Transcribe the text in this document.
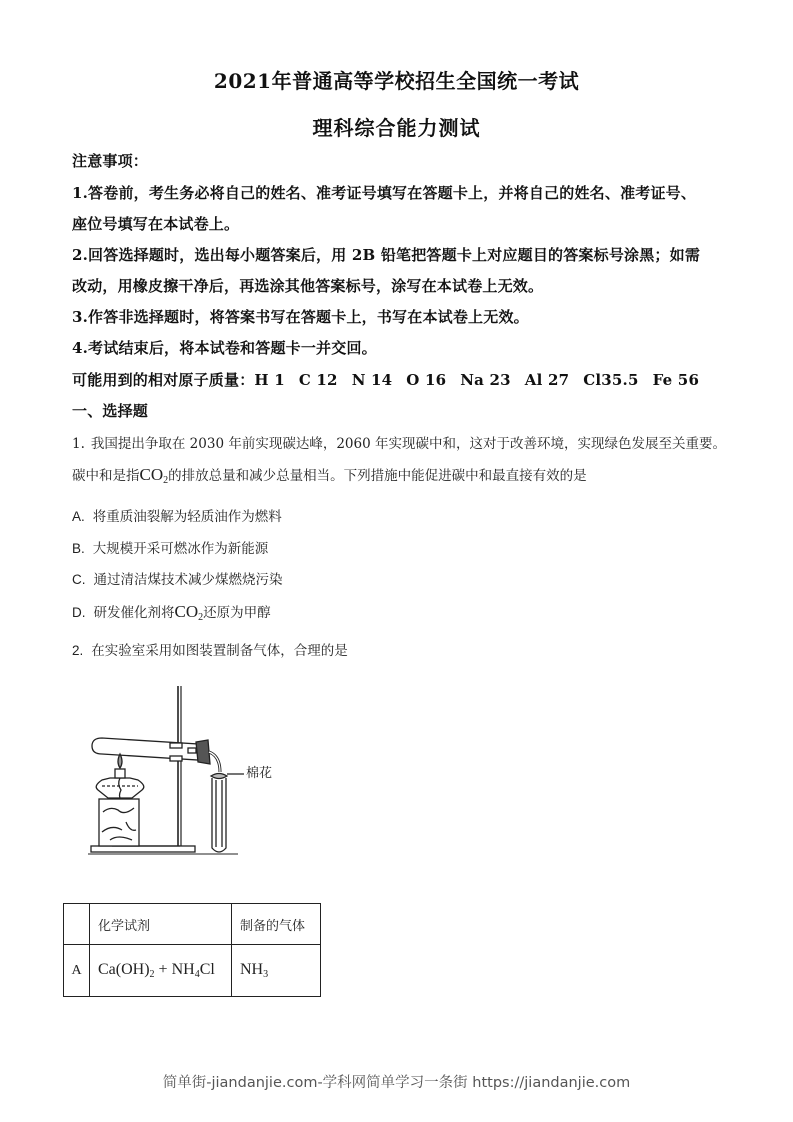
2021年普通高等学校招生全国统一考试
理科综合能力测试
注意事项：
1.答卷前，考生务必将自己的姓名、准考证号填写在答题卡上，并将自己的姓名、准考证号、
座位号填写在本试卷上。
2.回答选择题时，选出每小题答案后，用 2B 铅笔把答题卡上对应题目的答案标号涂黑；如需
改动，用橡皮擦干净后，再选涂其他答案标号，涂写在本试卷上无效。
3.作答非选择题时，将答案书写在答题卡上，书写在本试卷上无效。
4.考试结束后，将本试卷和答题卡一并交回。
可能用到的相对原子质量：H 1 C 12 N 14 O 16 Na 23 Al 27 Cl35.5 Fe 56
一、选择题
1. 我国提出争取在 2030 年前实现碳达峰，2060 年实现碳中和，这对于改善环境，实现绿色发展至关重要。
碳中和是指$CO_2$的排放总量和减少总量相当。下列措施中能促进碳中和最直接有效的是
A. 将重质油裂解为轻质油作为燃料
B. 大规模开采可燃冰作为新能源
C. 通过清洁煤技术减少煤燃烧污染
D. 研发催化剂将$CO_2$还原为甲醇
2. 在实验室采用如图装置制备气体，合理的是
棉花
	化学试剂	制备的气体
A	$Ca(OH)_2 + NH_4Cl$	$NH_3$
简单街-jiandanjie.com-学科网简单学习一条街 https://jiandanjie.com
